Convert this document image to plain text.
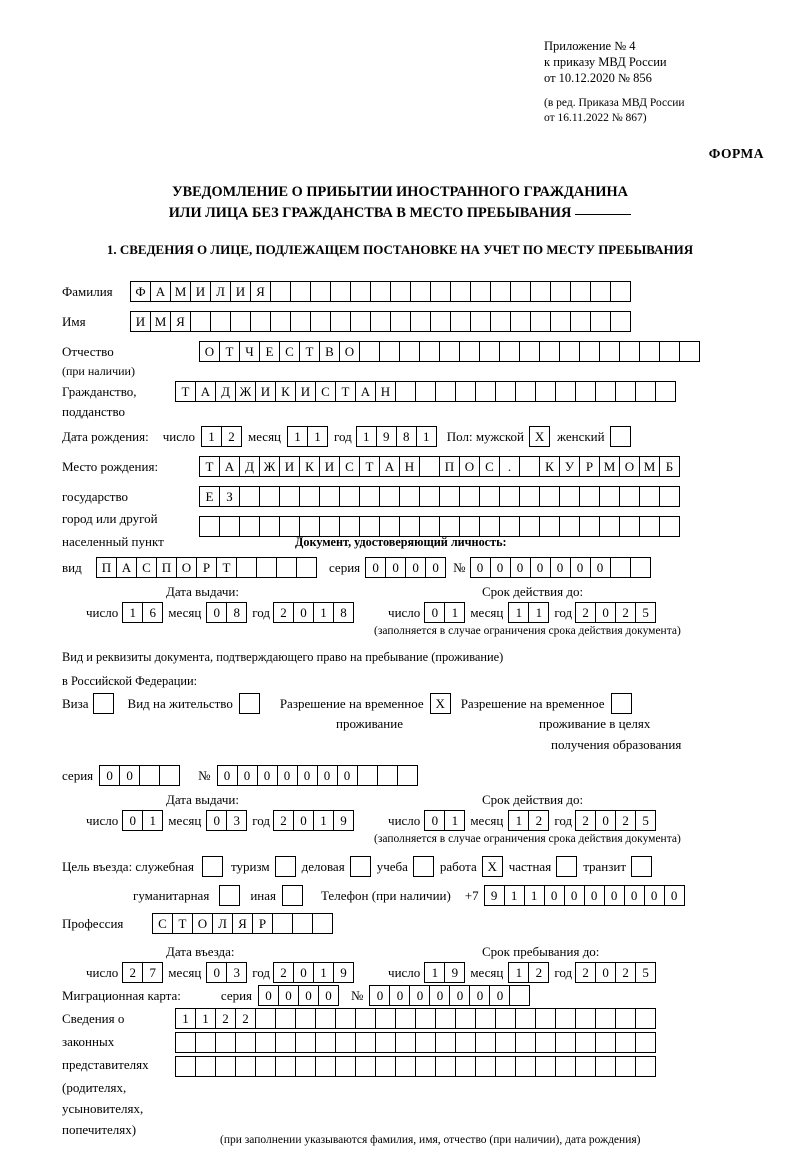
Приложение № 4
к приказу МВД России
от 10.12.2020 № 856
(в ред. Приказа МВД России
от 16.11.2022 № 867)
ФОРМА
УВЕДОМЛЕНИЕ О ПРИБЫТИИ ИНОСТРАННОГО ГРАЖДАНИНА
ИЛИ ЛИЦА БЕЗ ГРАЖДАНСТВА В МЕСТО ПРЕБЫВАНИЯ
1. СВЕДЕНИЯ О ЛИЦЕ, ПОДЛЕЖАЩЕМ ПОСТАНОВКЕ НА УЧЕТ ПО МЕСТУ ПРЕБЫВАНИЯ
Фамилия	Ф А М И Л И Я
Имя	И М Я
Отчество	О Т Ч Е С Т В О
(при наличии)
Гражданство,	Т А Д Ж И К И С Т А Н
подданство
Дата рождения: число	1	2	месяц	1	1	год 1	9	8	1	Пол: мужской X женский
Место рождения:	Т А Д Ж И К И С Т А Н	П О С	.	К У Р М О М Б
государство	Е З
город или другой
населенный пункт	Документ, удостоверяющий личность:
вид	П А С П О Р Т	серия 0	0	0	0	№ 0	0	0	0	0	0	0
Дата выдачи:	Срок действия до:
число 1	6 месяц 0	8 год 2	0	1	8	число 0	1 месяц 1	1 год 2	0	2	5
(заполняется в случае ограничения срока действия документа)
Вид и реквизиты документа, подтверждающего право на пребывание (проживание)
в Российской Федерации:
Виза	Вид на жительство	Разрешение на временное X	Разрешение на временное
проживание	проживание в целях
получения образования
серия	0	0	№	0	0	0	0	0	0	0
Дата выдачи:	Срок действия до:
число 0	1 месяц 0	3 год 2	0	1	9	число 0	1 месяц 1	2 год 2	0	2	5
(заполняется в случае ограничения срока действия документа)
Цель въезда: служебная	туризм деловая учеба работа X частная транзит
гуманитарная	иная	Телефон (при наличии) +7 9	1	1	0	0	0	0	0	0	0
Профессия	С Т О Л Я Р
Дата въезда:	Срок пребывания до:
число 2	7 месяц 0	3 год 2	0	1	9	число 1	9 месяц 1	2 год 2	0	2	5
Миграционная карта:	серия	0	0	0	0	№	0	0	0	0	0	0	0
Сведения о
законных
представителях
(родителях,
усыновителях,
попечителях)
1	1	2	2
(при заполнении указываются фамилия, имя, отчество (при наличии), дата рождения)
